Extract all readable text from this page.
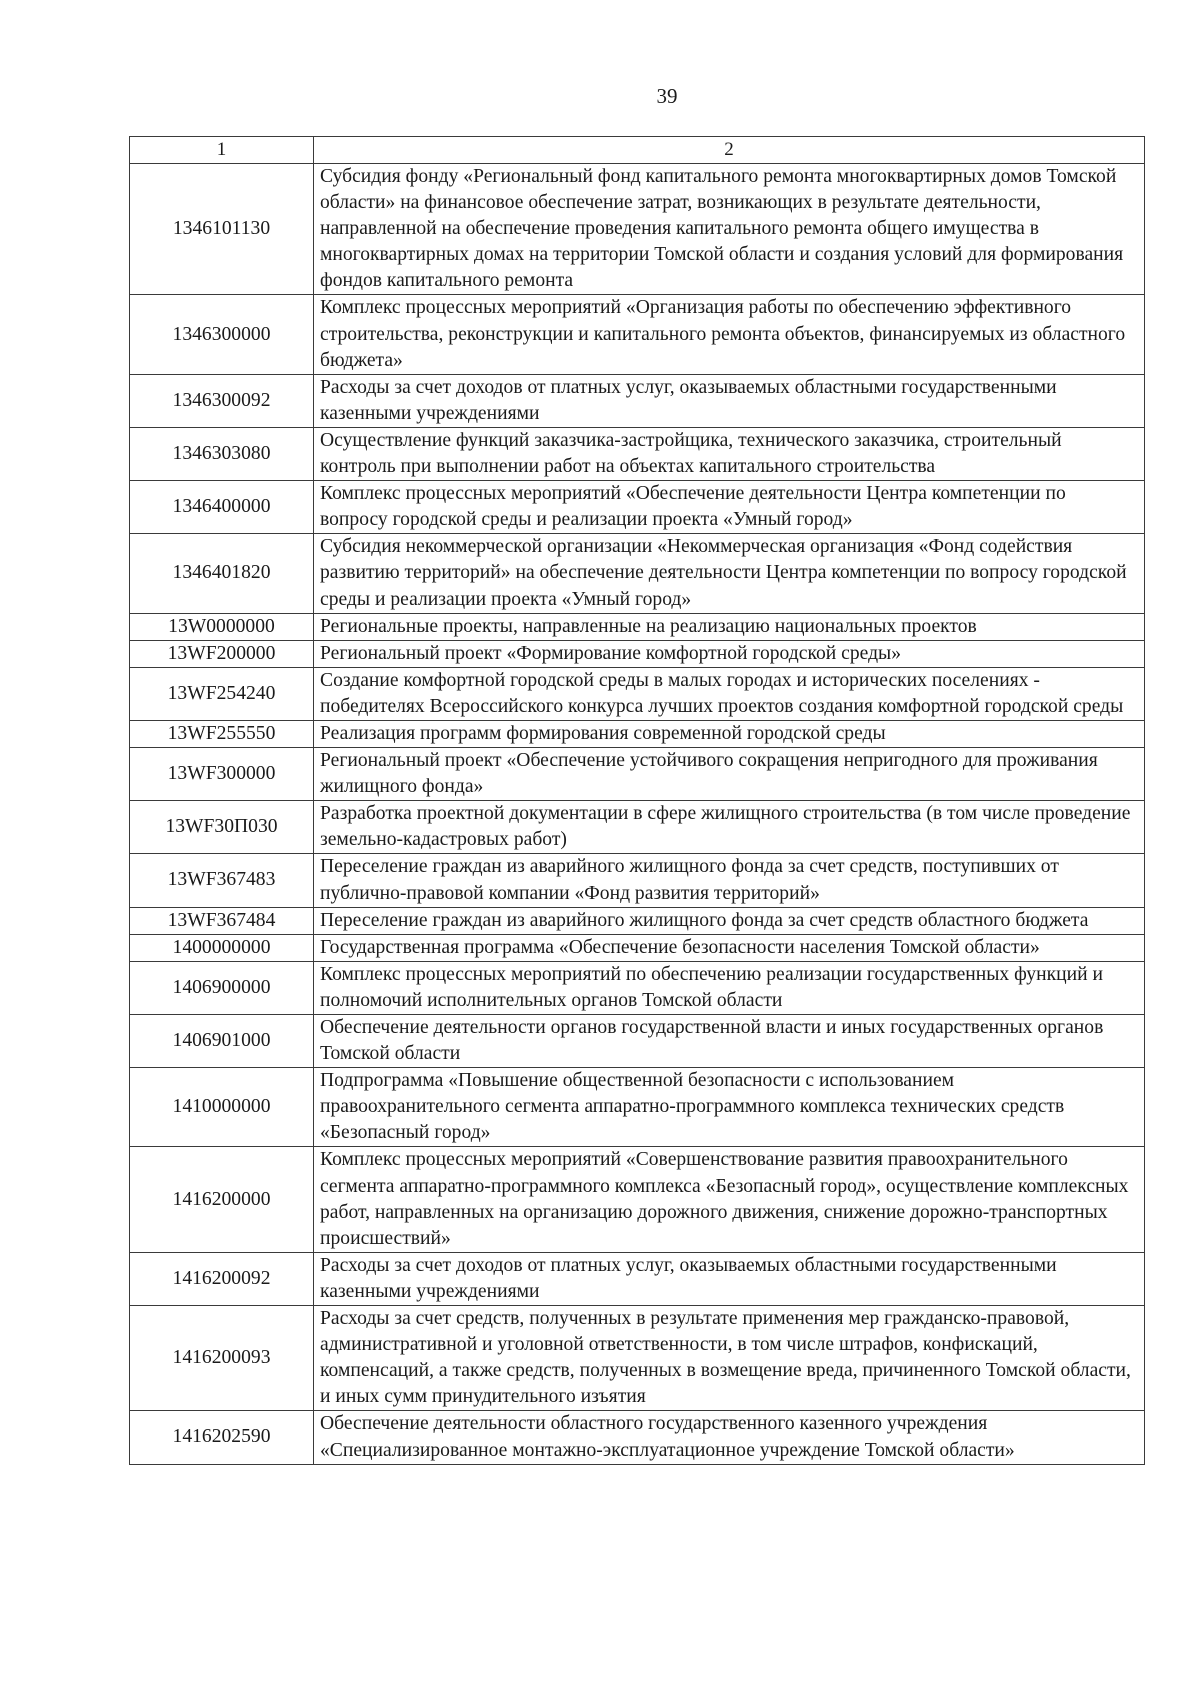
39
1	2
1346101130	Субсидия фонду «Региональный фонд капитального ремонта многоквартирных домов Томской области» на финансовое обеспечение затрат, возникающих в результате деятельности, направленной на обеспечение проведения капитального ремонта общего имущества в многоквартирных домах на территории Томской области и создания условий для формирования фондов капитального ремонта
1346300000	Комплекс процессных мероприятий «Организация работы по обеспечению эффективного строительства, реконструкции и капитального ремонта объектов, финансируемых из областного бюджета»
1346300092	Расходы за счет доходов от платных услуг, оказываемых областными государственными казенными учреждениями
1346303080	Осуществление функций заказчика-застройщика, технического заказчика, строительный контроль при выполнении работ на объектах капитального строительства
1346400000	Комплекс процессных мероприятий «Обеспечение деятельности Центра компетенции по вопросу городской среды и реализации проекта «Умный город»
1346401820	Субсидия некоммерческой организации «Некоммерческая организация «Фонд содействия развитию территорий» на обеспечение деятельности Центра компетенции по вопросу городской среды и реализации проекта «Умный город»
13W0000000	Региональные проекты, направленные на реализацию национальных проектов
13WF200000	Региональный проект «Формирование комфортной городской среды»
13WF254240	Создание комфортной городской среды в малых городах и исторических поселениях - победителях Всероссийского конкурса лучших проектов создания комфортной городской среды
13WF255550	Реализация программ формирования современной городской среды
13WF300000	Региональный проект «Обеспечение устойчивого сокращения непригодного для проживания жилищного фонда»
13WF30П030	Разработка проектной документации в сфере жилищного строительства (в том числе проведение земельно-кадастровых работ)
13WF367483	Переселение граждан из аварийного жилищного фонда за счет средств, поступивших от публично-правовой компании «Фонд развития территорий»
13WF367484	Переселение граждан из аварийного жилищного фонда за счет средств областного бюджета
1400000000	Государственная программа «Обеспечение безопасности населения Томской области»
1406900000	Комплекс процессных мероприятий по обеспечению реализации государственных функций и полномочий исполнительных органов Томской области
1406901000	Обеспечение деятельности органов государственной власти и иных государственных органов Томской области
1410000000	Подпрограмма «Повышение общественной безопасности с использованием правоохранительного сегмента аппаратно-программного комплекса технических средств «Безопасный город»
1416200000	Комплекс процессных мероприятий «Совершенствование развития правоохранительного сегмента аппаратно-программного комплекса «Безопасный город», осуществление комплексных работ, направленных на организацию дорожного движения, снижение дорожно-транспортных происшествий»
1416200092	Расходы за счет доходов от платных услуг, оказываемых областными государственными казенными учреждениями
1416200093	Расходы за счет средств, полученных в результате применения мер гражданско-правовой, административной и уголовной ответственности, в том числе штрафов, конфискаций, компенсаций, а также средств, полученных в возмещение вреда, причиненного Томской области, и иных сумм принудительного изъятия
1416202590	Обеспечение деятельности областного государственного казенного учреждения «Специализированное монтажно-эксплуатационное учреждение Томской области»
